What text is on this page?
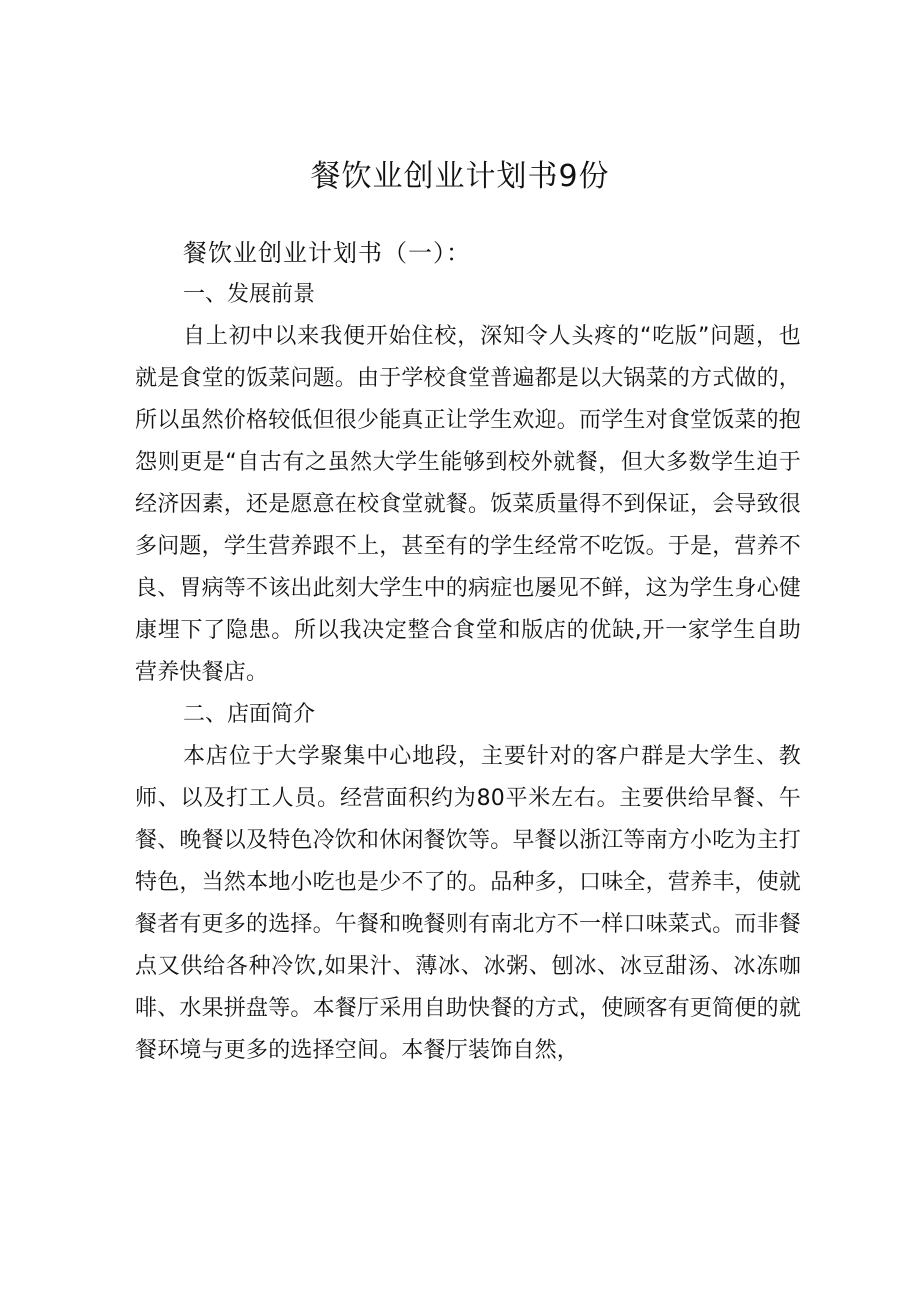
餐饮业创业计划书9份

餐饮业创业计划书（一）：

一、发展前景

自上初中以来我便开始住校，深知令人头疼的“吃版”问题，也就是食堂的饭菜问题。由于学校食堂普遍都是以大锅菜的方式做的，所以虽然价格较低但很少能真正让学生欢迎。而学生对食堂饭菜的抱怨则更是“自古有之虽然大学生能够到校外就餐，但大多数学生迫于经济因素，还是愿意在校食堂就餐。饭菜质量得不到保证，会导致很多问题，学生营养跟不上，甚至有的学生经常不吃饭。于是，营养不良、胃病等不该出此刻大学生中的病症也屡见不鲜，这为学生身心健康埋下了隐患。所以我决定整合食堂和版店的优缺,开一家学生自助营养快餐店。

二、店面简介

本店位于大学聚集中心地段，主要针对的客户群是大学生、教师、以及打工人员。经营面积约为80平米左右。主要供给早餐、午餐、晚餐以及特色冷饮和休闲餐饮等。早餐以浙江等南方小吃为主打特色，当然本地小吃也是少不了的。品种多，口味全，营养丰，使就餐者有更多的选择。午餐和晚餐则有南北方不一样口味菜式。而非餐点又供给各种冷饮,如果汁、薄冰、冰粥、刨冰、冰豆甜汤、冰冻咖啡、水果拼盘等。本餐厅采用自助快餐的方式，使顾客有更简便的就餐环境与更多的选择空间。本餐厅装饰自然，
